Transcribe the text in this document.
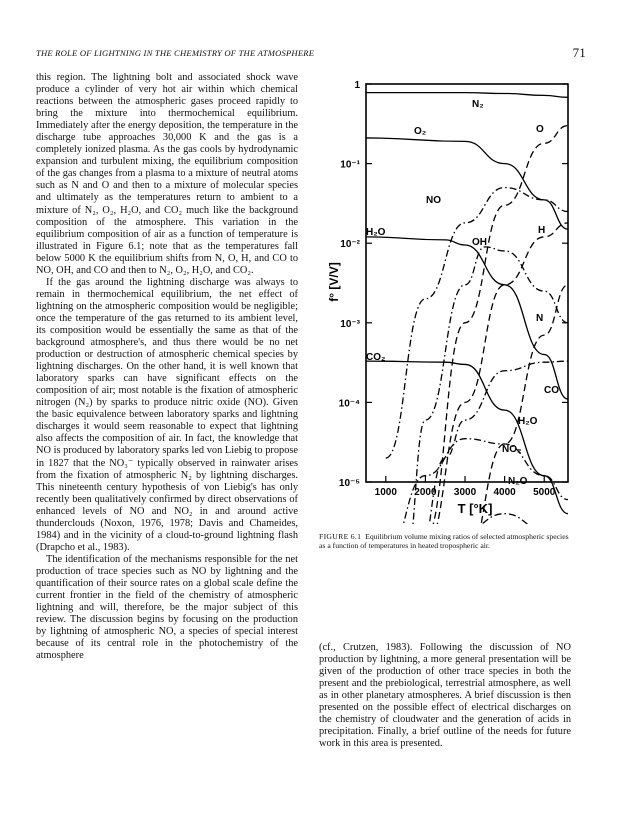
THE ROLE OF LIGHTNING IN THE CHEMISTRY OF THE ATMOSPHERE	71

this region. The lightning bolt and associated shock wave produce a cylinder of very hot air within which chemical reactions between the atmospheric gases proceed rapidly to bring the mixture into thermochemical equilibrium. Immediately after the energy deposition, the temperature in the discharge tube approaches 30,000 K and the gas is a completely ionized plasma. As the gas cools by hydrodynamic expansion and turbulent mixing, the equilibrium composition of the gas changes from a plasma to a mixture of neutral atoms such as N and O and then to a mixture of molecular species and ultimately as the temperatures return to ambient to a mixture of N₂, O₂, H₂O, and CO₂ much like the background composition of the atmosphere. This variation in the equilibrium composition of air as a function of temperature is illustrated in Figure 6.1; note that as the temperatures fall below 5000 K the equilibrium shifts from N, O, H, and CO to NO, OH, and CO and then to N₂, O₂, H₂O, and CO₂.

If the gas around the lightning discharge was always to remain in thermochemical equilibrium, the net effect of lightning on the atmospheric composition would be negligible; once the temperature of the gas returned to its ambient level, its composition would be essentially the same as that of the background atmosphere's, and thus there would be no net production or destruction of atmospheric chemical species by lightning discharges. On the other hand, it is well known that laboratory sparks can have significant effects on the composition of air; most notable is the fixation of atmospheric nitrogen (N₂) by sparks to produce nitric oxide (NO). Given the basic equivalence between laboratory sparks and lightning discharges it would seem reasonable to expect that lightning also affects the composition of air. In fact, the knowledge that NO is produced by laboratory sparks led von Liebig to propose in 1827 that the NO₃⁻ typically observed in rainwater arises from the fixation of atmospheric N₂ by lightning discharges. This nineteenth century hypothesis of von Liebig's has only recently been qualitatively confirmed by direct observations of enhanced levels of NO and NO₂ in and around active thunderclouds (Noxon, 1976, 1978; Davis and Chameides, 1984) and in the vicinity of a cloud-to-ground lightning flash (Drapcho et al., 1983).

The identification of the mechanisms responsible for the net production of trace species such as NO by lightning and the quantification of their source rates on a global scale define the current frontier in the field of the chemistry of atmospheric lightning and will, therefore, be the major subject of this review. The discussion begins by focusing on the production by lightning of atmospheric NO, a species of special interest because of its central role in the photochemistry of the atmosphere

1
10⁻¹
10⁻²
10⁻³
10⁻⁴
10⁻⁵
1000 2000 3000 4000 5000
N₂
O₂	O
NO
H₂O
OH
H
N
CO₂
CO
H₂O
NO₂
N₂O
f° [V/V]
T [°K]
FIGURE 6.1 Equilibrium volume mixing ratios of selected atmospheric species as a function of temperatures in heated tropospheric air.

(cf., Crutzen, 1983). Following the discussion of NO production by lightning, a more general presentation will be given of the production of other trace species in both the present and the prebiological, terrestrial atmosphere, as well as in other planetary atmospheres. A brief discussion is then presented on the possible effect of electrical discharges on the chemistry of cloudwater and the generation of acids in precipitation. Finally, a brief outline of the needs for future work in this area is presented.
